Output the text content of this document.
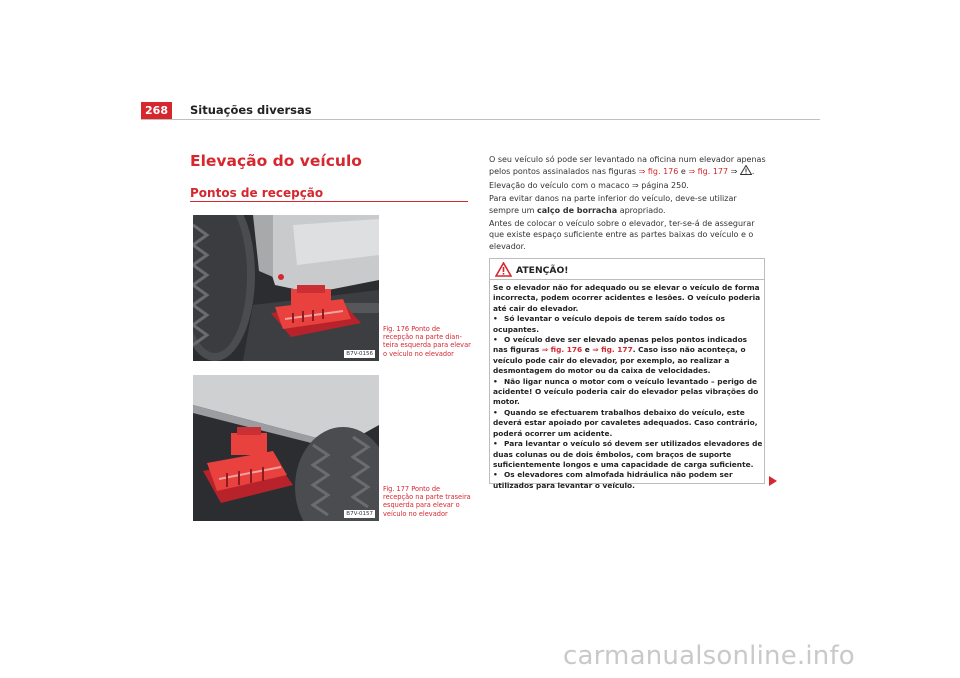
268	Situações diversas
Elevação do veículo
Pontos de recepção
B7V-0156
Fig. 176 Ponto de recepção na parte dian-teira esquerda para elevar o veículo no elevador
B7V-0157
Fig. 177 Ponto de recepção na parte traseira esquerda para elevar o veículo no elevador

O seu veículo só pode ser levantado na oficina num elevador apenas pelos pontos assinalados nas figuras ⇒ fig. 176 e ⇒ fig. 177 ⇒ .

Elevação do veículo com o macaco ⇒ página 250.

Para evitar danos na parte inferior do veículo, deve-se utilizar sempre um calço de borracha apropriado.

Antes de colocar o veículo sobre o elevador, ter-se-á de assegurar que existe espaço suficiente entre as partes baixas do veículo e o elevador.

ATENÇÃO!

Se o elevador não for adequado ou se elevar o veículo de forma incorrecta, podem ocorrer acidentes e lesões. O veículo poderia até cair do elevador.

• Só levantar o veículo depois de terem saído todos os ocupantes.

• O veículo deve ser elevado apenas pelos pontos indicados nas figuras ⇒ fig. 176 e ⇒ fig. 177. Caso isso não aconteça, o veículo pode cair do elevador, por exemplo, ao realizar a desmontagem do motor ou da caixa de velocidades.

• Não ligar nunca o motor com o veículo levantado – perigo de acidente! O veículo poderia cair do elevador pelas vibrações do motor.

• Quando se efectuarem trabalhos debaixo do veículo, este deverá estar apoiado por cavaletes adequados. Caso contrário, poderá ocorrer um acidente.

• Para levantar o veículo só devem ser utilizados elevadores de duas colunas ou de dois êmbolos, com braços de suporte suficientemente longos e uma capacidade de carga suficiente.

• Os elevadores com almofada hidráulica não podem ser utilizados para levantar o veículo.

carmanualsonline.info
